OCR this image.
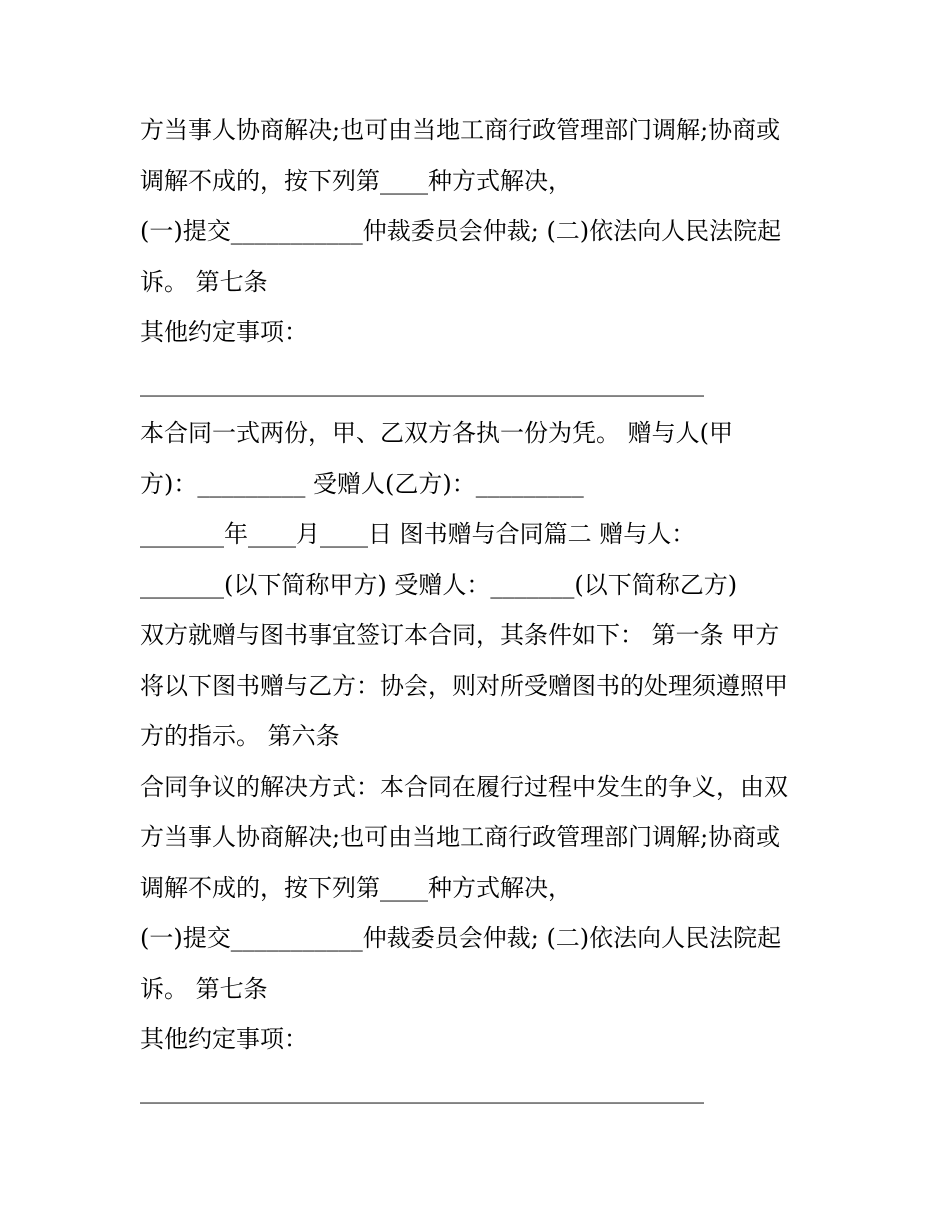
方当事人协商解决;也可由当地工商行政管理部门调解;协商或
调解不成的，按下列第____种方式解决，
(一)提交___________仲裁委员会仲裁; (二)依法向人民法院起
诉。 第七条
其他约定事项：
_______________________________________________
本合同一式两份，甲、乙双方各执一份为凭。 赠与人(甲
方)：_________ 受赠人(乙方)：_________
_______年____月____日 图书赠与合同篇二 赠与人：
_______(以下简称甲方) 受赠人：_______(以下简称乙方)
双方就赠与图书事宜签订本合同，其条件如下： 第一条 甲方
将以下图书赠与乙方：协会，则对所受赠图书的处理须遵照甲
方的指示。 第六条
合同争议的解决方式：本合同在履行过程中发生的争义，由双
方当事人协商解决;也可由当地工商行政管理部门调解;协商或
调解不成的，按下列第____种方式解决，
(一)提交___________仲裁委员会仲裁; (二)依法向人民法院起
诉。 第七条
其他约定事项：
_______________________________________________
